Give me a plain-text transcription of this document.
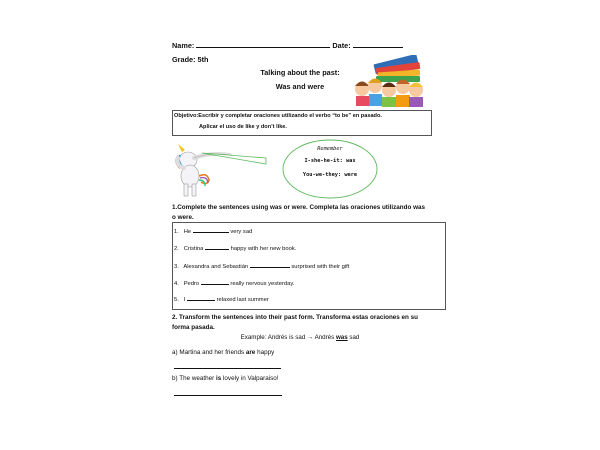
Name:	Date:
Grade: 5th
Talking about the past:
Was and were
Objetivo:Escribir y completar oraciones utilizando el verbo “to be” en pasado.
Aplicar el uso de like y don’t like.
Remember
I-she-he-it: was
You-we-they: were
1.Complete the sentences using was or were. Completa las oraciones utilizando was o were.
1. He	very sad
2. Cristina	happy with her new book.
3. Alexandra and Sebastián	surprised with their gift
4. Pedro	really nervous yesterday.
5. I	relaxed last summer
2. Transform the sentences into their past form. Transforma estas oraciones en su forma pasada.
Example: Andrés is sad → Andrés was sad
a) Martina and her friends are happy
b) The weather is lovely in Valparaiso!
